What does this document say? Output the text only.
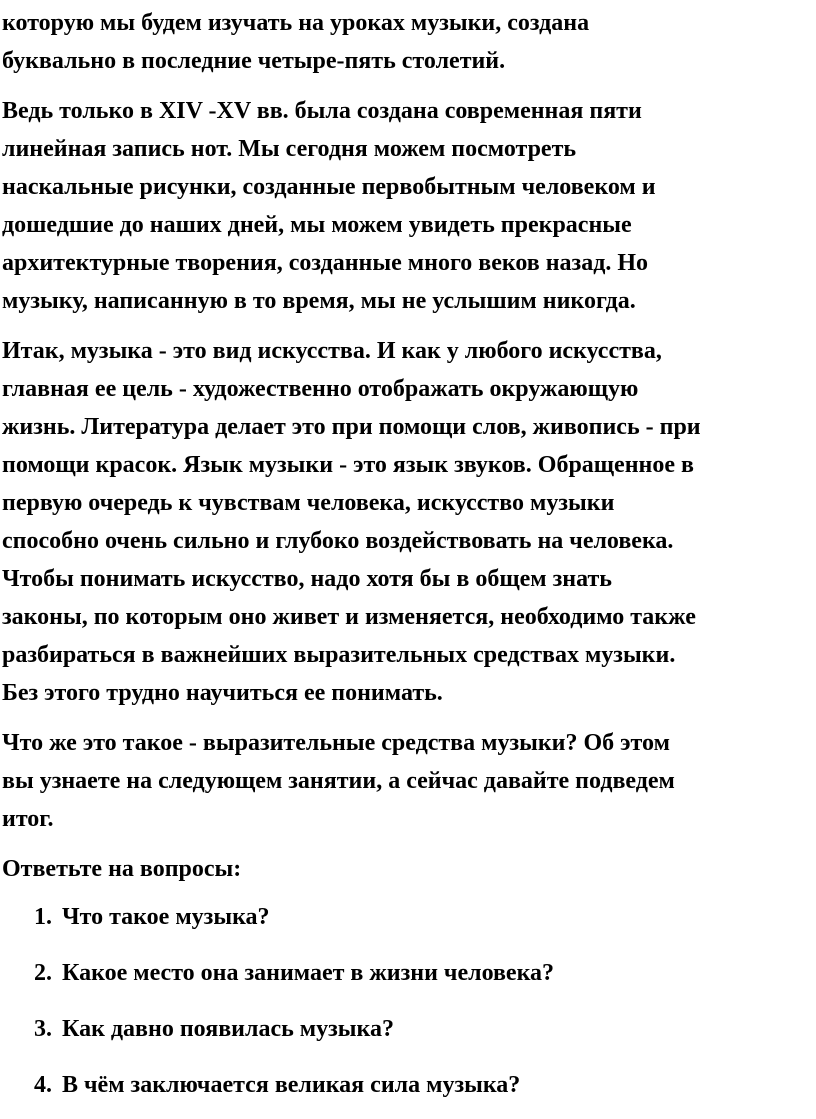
которую мы будем изучать на уроках музыки, создана
буквально в последние четыре-пять столетий.

Ведь только в XIV -XV вв. была создана современная пяти
линейная запись нот. Мы сегодня можем посмотреть
наскальные рисунки, созданные первобытным человеком и
дошедшие до наших дней, мы можем увидеть прекрасные
архитектурные творения, созданные много веков назад. Но
музыку, написанную в то время, мы не услышим никогда.

Итак, музыка - это вид искусства. И как у любого искусства,
главная ее цель - художественно отображать окружающую
жизнь. Литература делает это при помощи слов, живопись - при
помощи красок. Язык музыки - это язык звуков. Обращенное в
первую очередь к чувствам человека, искусство музыки
способно очень сильно и глубоко воздействовать на человека.
Чтобы понимать искусство, надо хотя бы в общем знать
законы, по которым оно живет и изменяется, необходимо также
разбираться в важнейших выразительных средствах музыки.
Без этого трудно научиться ее понимать.

Что же это такое - выразительные средства музыки? Об этом
вы узнаете на следующем занятии, а сейчас давайте подведем
итог.

Ответьте на вопросы:

1. Что такое музыка?
2. Какое место она занимает в жизни человека?
3. Как давно появилась музыка?
4. В чём заключается великая сила музыка?
